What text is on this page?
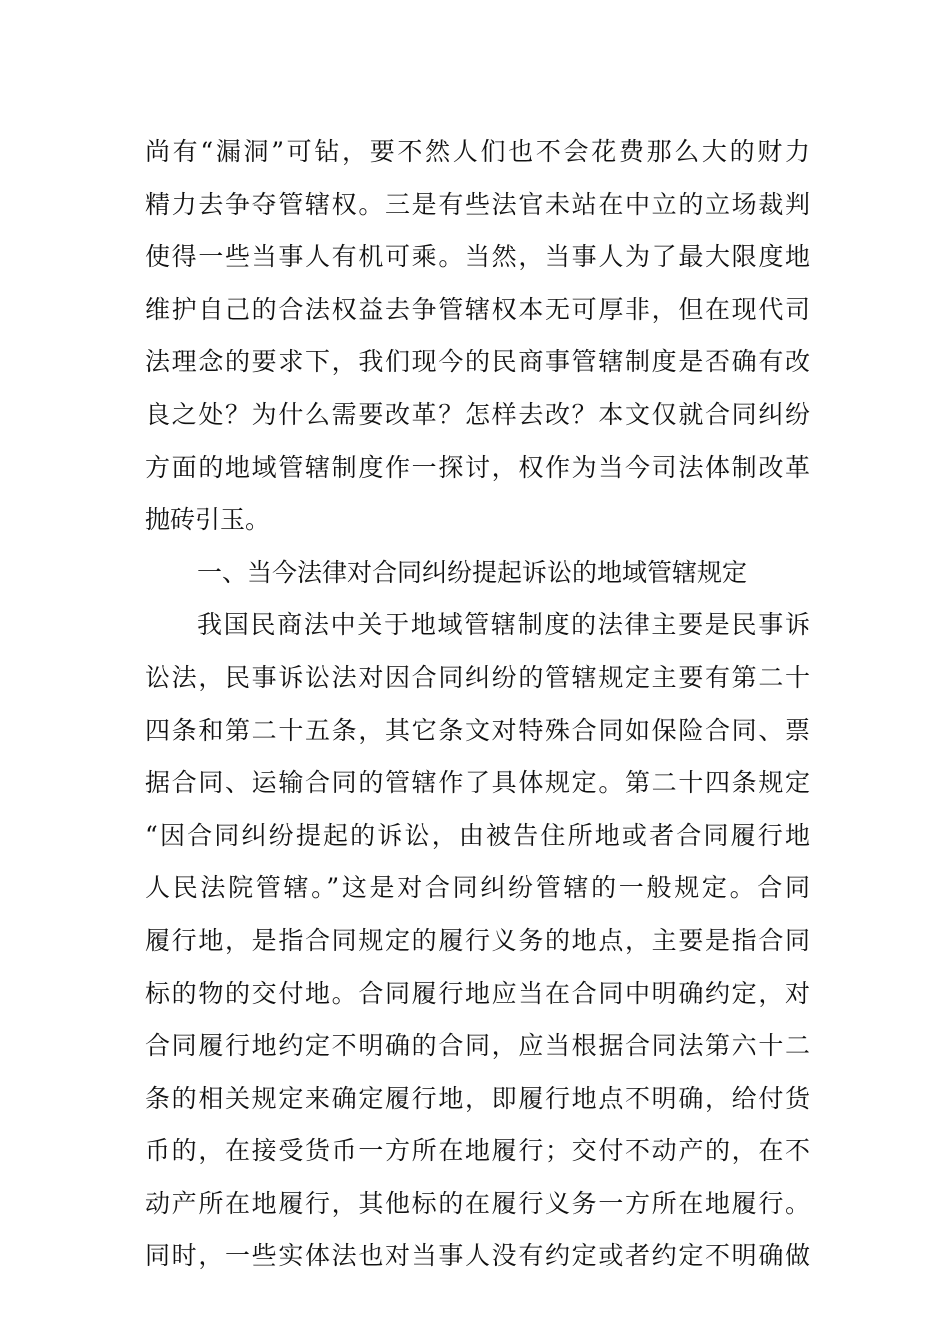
尚有“漏洞”可钻，要不然人们也不会花费那么大的财力
精力去争夺管辖权。三是有些法官未站在中立的立场裁判
使得一些当事人有机可乘。当然，当事人为了最大限度地
维护自己的合法权益去争管辖权本无可厚非，但在现代司
法理念的要求下，我们现今的民商事管辖制度是否确有改
良之处？为什么需要改革？怎样去改？本文仅就合同纠纷
方面的地域管辖制度作一探讨，权作为当今司法体制改革
抛砖引玉。
一、当今法律对合同纠纷提起诉讼的地域管辖规定
我国民商法中关于地域管辖制度的法律主要是民事诉
讼法，民事诉讼法对因合同纠纷的管辖规定主要有第二十
四条和第二十五条，其它条文对特殊合同如保险合同、票
据合同、运输合同的管辖作了具体规定。第二十四条规定
“因合同纠纷提起的诉讼，由被告住所地或者合同履行地
人民法院管辖。”这是对合同纠纷管辖的一般规定。合同
履行地，是指合同规定的履行义务的地点，主要是指合同
标的物的交付地。合同履行地应当在合同中明确约定，对
合同履行地约定不明确的合同，应当根据合同法第六十二
条的相关规定来确定履行地，即履行地点不明确，给付货
币的，在接受货币一方所在地履行；交付不动产的，在不
动产所在地履行，其他标的在履行义务一方所在地履行。
同时，一些实体法也对当事人没有约定或者约定不明确做
